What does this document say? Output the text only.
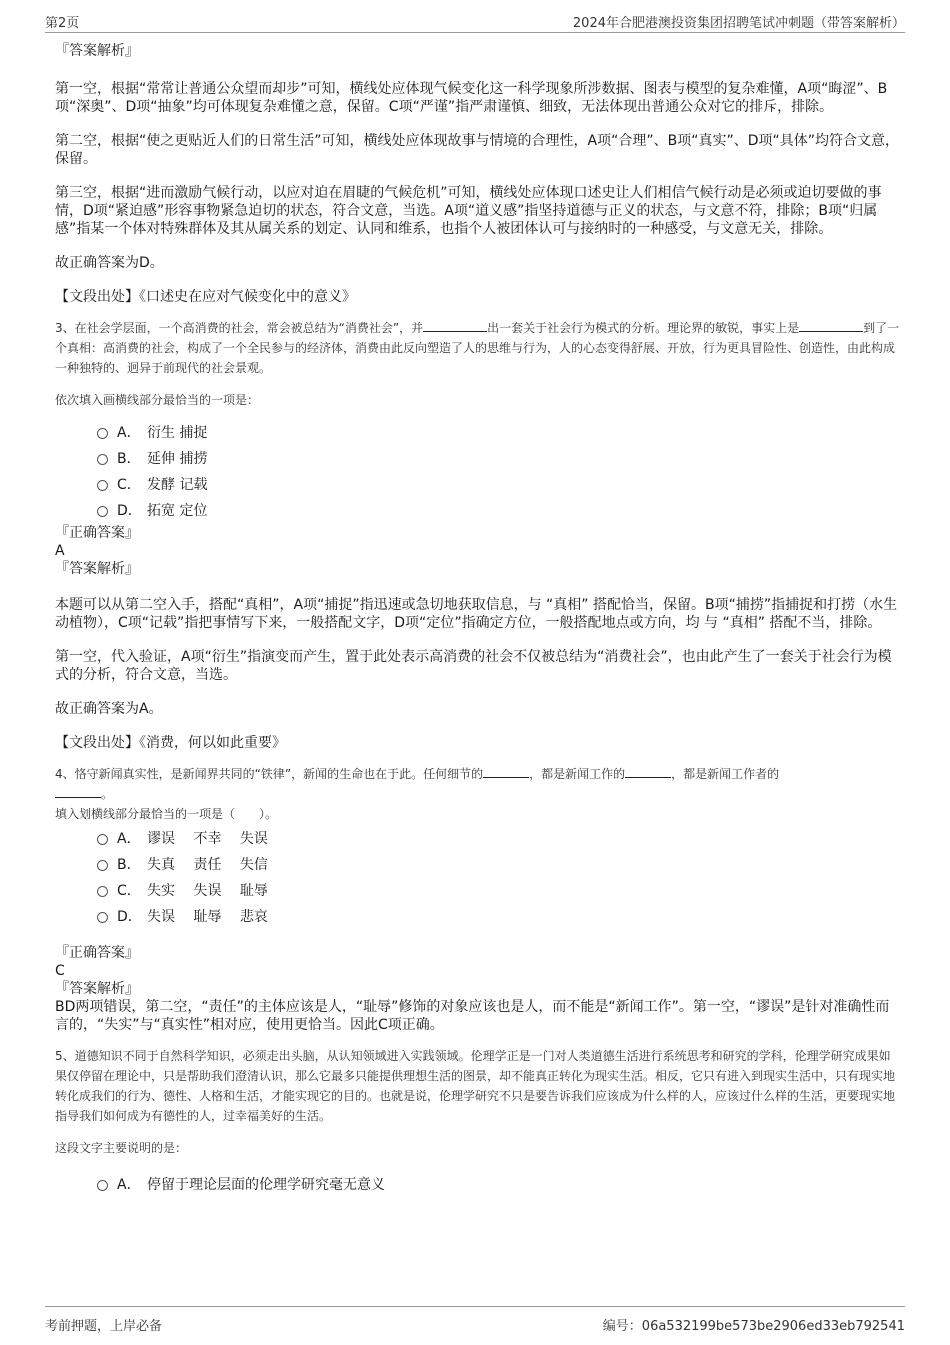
第2页	2024年合肥港澳投资集团招聘笔试冲刺题（带答案解析）

『答案解析』

第一空，根据“常常让普通公众望而却步”可知，横线处应体现气候变化这一科学现象所涉数据、图表与模型的复杂难懂，A项“晦涩”、B项“深奥”、D项“抽象”均可体现复杂难懂之意，保留。C项“严谨”指严肃谨慎、细致，无法体现出普通公众对它的排斥，排除。

第二空，根据“使之更贴近人们的日常生活”可知，横线处应体现故事与情境的合理性，A项“合理”、B项“真实”、D项“具体”均符合文意，保留。

第三空，根据“进而激励气候行动，以应对迫在眉睫的气候危机”可知，横线处应体现口述史让人们相信气候行动是必须或迫切要做的事情，D项“紧迫感”形容事物紧急迫切的状态，符合文意，当选。A项“道义感”指坚持道德与正义的状态，与文意不符，排除；B项“归属感”指某一个体对特殊群体及其从属关系的划定、认同和维系，也指个人被团体认可与接纳时的一种感受，与文意无关，排除。

故正确答案为D。

【文段出处】《口述史在应对气候变化中的意义》

3、在社会学层面，一个高消费的社会，常会被总结为“消费社会”，并	出一套关于社会行为模式的分析。理论界的敏锐，事实上是	到了一个真相：高消费的社会，构成了一个全民参与的经济体，消费由此反向塑造了人的思维与行为，人的心态变得舒展、开放，行为更具冒险性、创造性，由此构成一种独特的、迥异于前现代的社会景观。

依次填入画横线部分最恰当的一项是：

A． 衍生 捕捉
B． 延伸 捕捞
C． 发酵 记载
D． 拓宽 定位

『正确答案』

A

『答案解析』

本题可以从第二空入手，搭配“真相”，A项“捕捉”指迅速或急切地获取信息，与 “真相” 搭配恰当，保留。B项“捕捞”指捕捉和打捞（水生动植物），C项“记载”指把事情写下来，一般搭配文字，D项“定位”指确定方位，一般搭配地点或方向，均 与 “真相” 搭配不当，排除。

第一空，代入验证，A项“衍生”指演变而产生，置于此处表示高消费的社会不仅被总结为“消费社会”，也由此产生了一套关于社会行为模式的分析，符合文意，当选。

故正确答案为A。

【文段出处】《消费，何以如此重要》

4、恪守新闻真实性，是新闻界共同的“铁律”，新闻的生命也在于此。任何细节的	，都是新闻工作的	，都是新闻工作者的
。

填入划横线部分最恰当的一项是（　　）。

A． 谬误　 不幸　 失误
B． 失真　 责任　 失信
C． 失实　 失误　 耻辱
D． 失误　 耻辱　 悲哀

『正确答案』

C

『答案解析』

BD两项错误，第二空，“责任”的主体应该是人，“耻辱”修饰的对象应该也是人，而不能是“新闻工作”。第一空，“谬误”是针对准确性而言的，“失实”与“真实性”相对应，使用更恰当。因此C项正确。

5、道德知识不同于自然科学知识，必须走出头脑，从认知领域进入实践领域。伦理学正是一门对人类道德生活进行系统思考和研究的学科，伦理学研究成果如果仅停留在理论中，只是帮助我们澄清认识，那么它最多只能提供理想生活的图景，却不能真正转化为现实生活。相反，它只有进入到现实生活中，只有现实地转化成我们的行为、德性、人格和生活，才能实现它的目的。也就是说，伦理学研究不只是要告诉我们应该成为什么样的人，应该过什么样的生活，更要现实地指导我们如何成为有德性的人，过幸福美好的生活。

这段文字主要说明的是：

A． 停留于理论层面的伦理学研究毫无意义
考前押题，上岸必备	编号：06a532199be573be2906ed33eb792541
